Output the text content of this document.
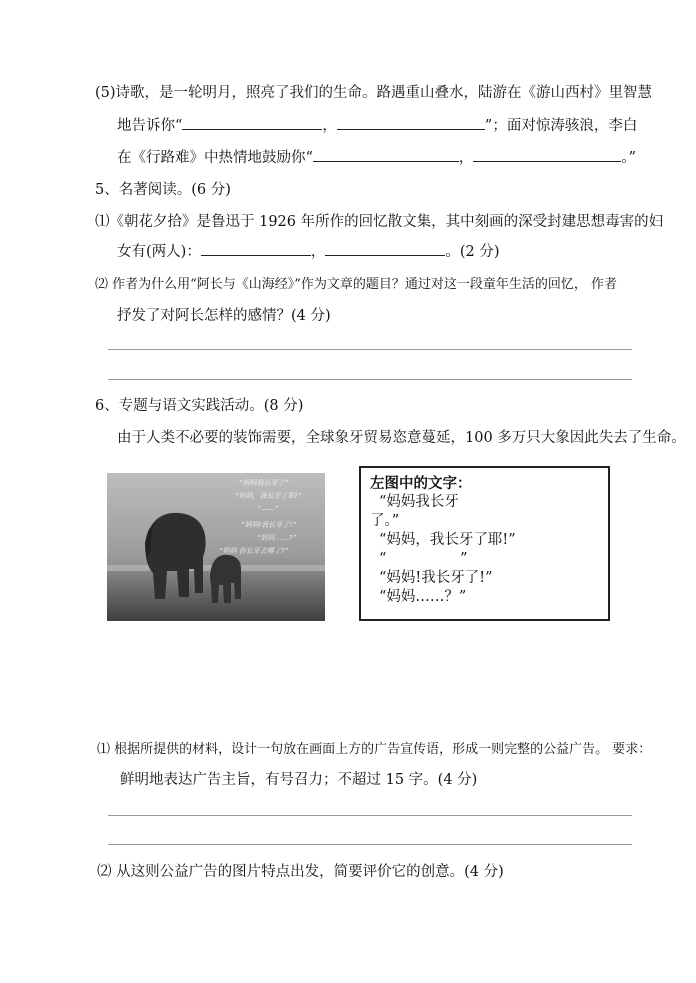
(5)诗歌，是一轮明月，照亮了我们的生命。路遇重山叠水，陆游在《游山西村》里智慧
地告诉你“	，	”；面对惊涛骇浪，李白
在《行路难》中热情地鼓励你“	，	。”
5、名著阅读。(6 分)
⑴《朝花夕拾》是鲁迅于 1926 年所作的回忆散文集，其中刻画的深受封建思想毒害的妇
女有(两人)：	，	。(2 分)
⑵ 作者为什么用“阿长与《山海经》”作为文章的题目？通过对这一段童年生活的回忆， 作者
抒发了对阿长怎样的感情？(4 分)
6、专题与语文实践活动。(8 分)
由于人类不必要的装饰需要，全球象牙贸易恣意蔓延，100 多万只大象因此失去了生命。
“妈妈我长牙了”
“妈妈，我长牙了耶!”
“——”
“妈妈!我长牙了!”
“妈妈……?”
“妈妈 你长牙去哪了?”
左图中的文字：
“妈妈我长牙
了。”
“妈妈，我长牙了耶!”
“                ”
“妈妈!我长牙了!”
“妈妈……？”
⑴ 根据所提供的材料，设计一句放在画面上方的广告宣传语，形成一则完整的公益广告。 要求：
鲜明地表达广告主旨，有号召力；不超过 15 字。(4 分)
⑵ 从这则公益广告的图片特点出发，简要评价它的创意。(4 分)
